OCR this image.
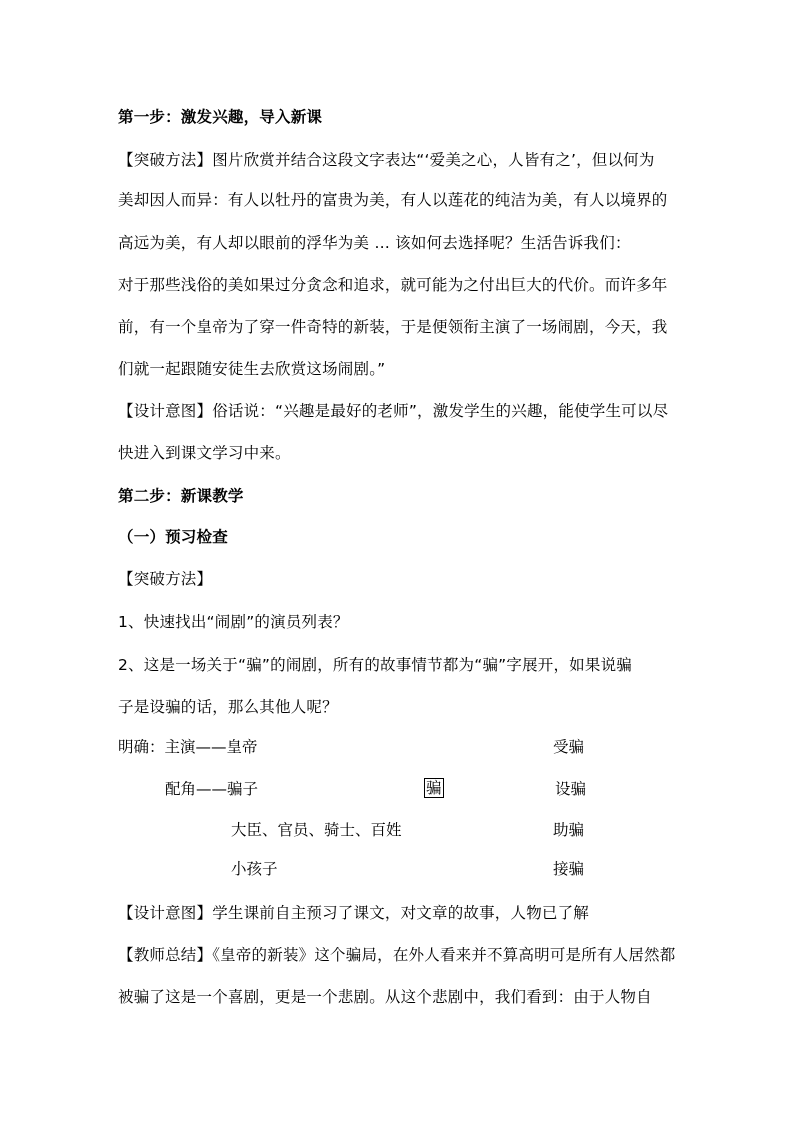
第一步：激发兴趣，导入新课
【突破方法】图片欣赏并结合这段文字表达“‘爱美之心，人皆有之’，但以何为
美却因人而异：有人以牡丹的富贵为美，有人以莲花的纯洁为美，有人以境界的
高远为美，有人却以眼前的浮华为美 … 该如何去选择呢？生活告诉我们：
对于那些浅俗的美如果过分贪念和追求，就可能为之付出巨大的代价。而许多年
前，有一个皇帝为了穿一件奇特的新装，于是便领衔主演了一场闹剧，今天，我
们就一起跟随安徒生去欣赏这场闹剧。”
【设计意图】俗话说：“兴趣是最好的老师”，激发学生的兴趣，能使学生可以尽
快进入到课文学习中来。
第二步：新课教学
（一）预习检查
【突破方法】
1、快速找出“闹剧”的演员列表？
2、这是一场关于“骗”的闹剧，所有的故事情节都为“骗”字展开，如果说骗
子是设骗的话，那么其他人呢？
明确：主演——皇帝	受骗
配角——骗子	骗	设骗
大臣、官员、骑士、百姓	助骗
小孩子	接骗
【设计意图】学生课前自主预习了课文，对文章的故事，人物已了解
【教师总结】《皇帝的新装》这个骗局，在外人看来并不算高明可是所有人居然都
被骗了这是一个喜剧，更是一个悲剧。从这个悲剧中，我们看到：由于人物自
